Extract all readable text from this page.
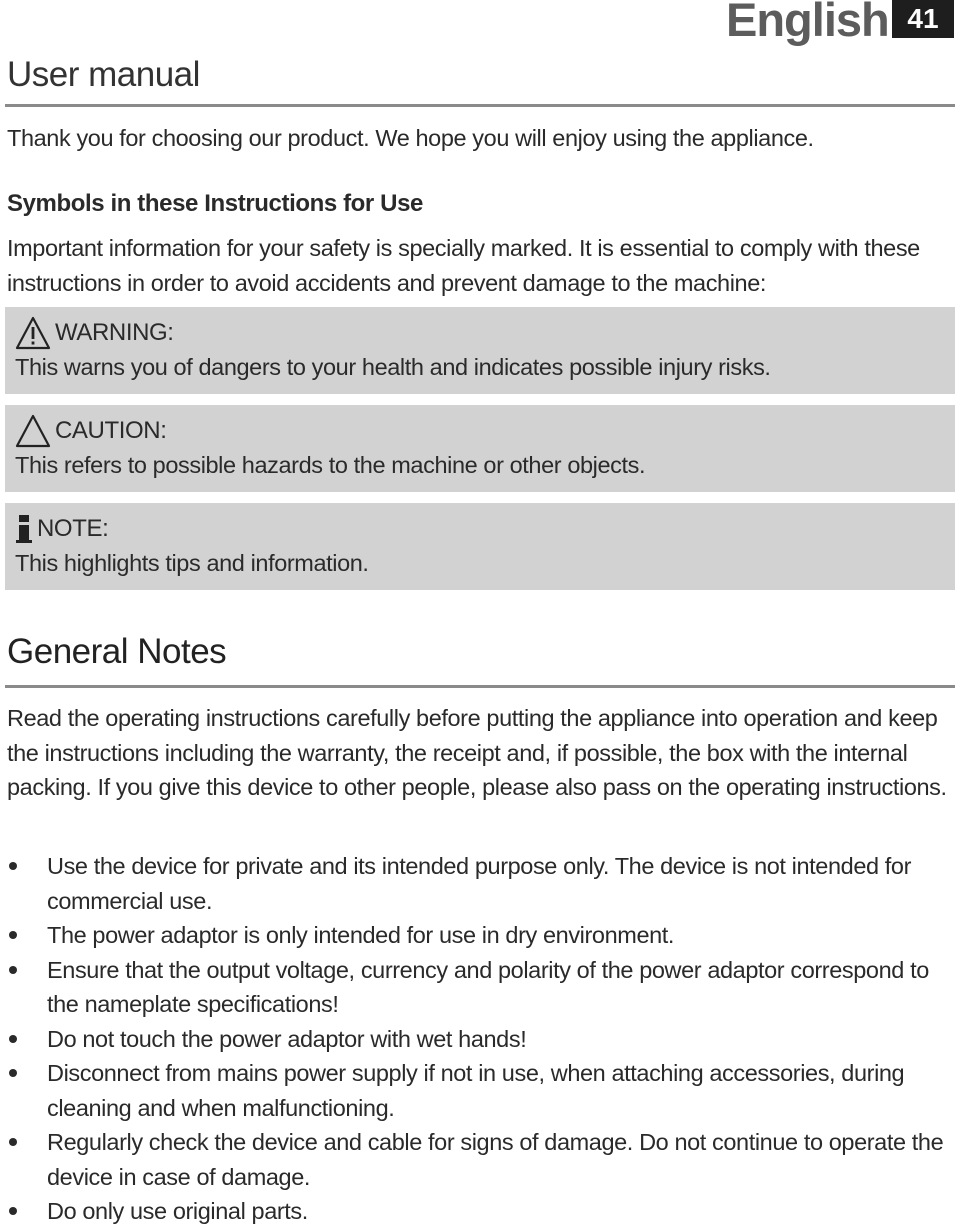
English 41
User manual
Thank you for choosing our product. We hope you will enjoy using the appliance.
Symbols in these Instructions for Use
Important information for your safety is specially marked. It is essential to comply with these instructions in order to avoid accidents and prevent damage to the machine:
WARNING:
This warns you of dangers to your health and indicates possible injury risks.
CAUTION:
This refers to possible hazards to the machine or other objects.
NOTE:
This highlights tips and information.
General Notes
Read the operating instructions carefully before putting the appliance into operation and keep the instructions including the warranty, the receipt and, if possible, the box with the internal packing. If you give this device to other people, please also pass on the operating instructions.
Use the device for private and its intended purpose only. The device is not intended for commercial use.
The power adaptor is only intended for use in dry environment.
Ensure that the output voltage, currency and polarity of the power adaptor correspond to the nameplate specifications!
Do not touch the power adaptor with wet hands!
Disconnect from mains power supply if not in use, when attaching accessories, during cleaning and when malfunctioning.
Regularly check the device and cable for signs of damage. Do not continue to operate the device in case of damage.
Do only use original parts.
